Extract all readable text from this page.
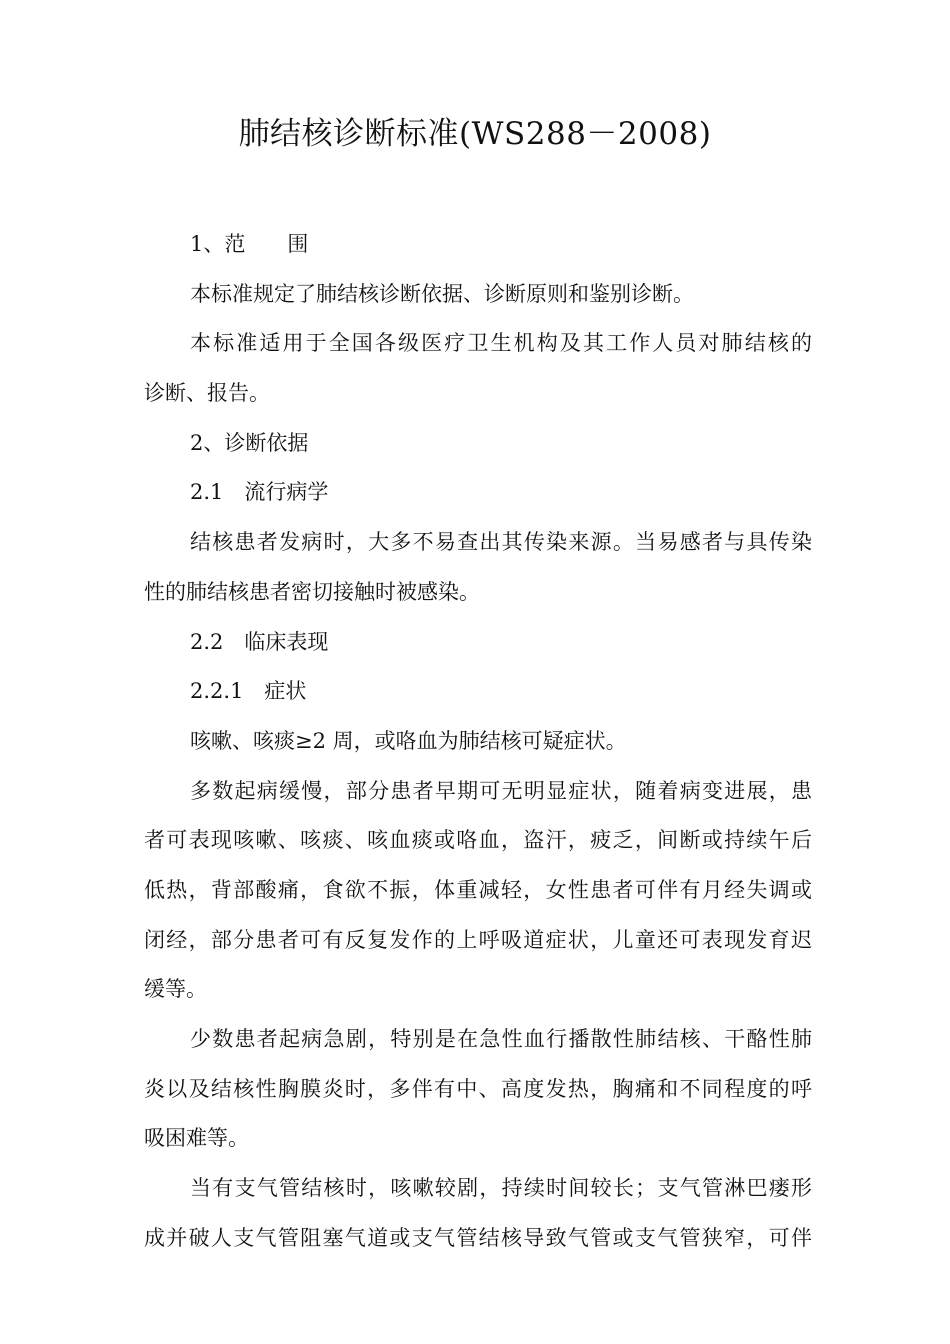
肺结核诊断标准(WS288－2008)

1、范　　围

本标准规定了肺结核诊断依据、诊断原则和鉴别诊断。

本标准适用于全国各级医疗卫生机构及其工作人员对肺结核的

诊断、报告。

2、诊断依据

2.1　流行病学

结核患者发病时，大多不易查出其传染来源。当易感者与具传染

性的肺结核患者密切接触时被感染。

2.2　临床表现

2.2.1　症状

咳嗽、咳痰≥2 周，或咯血为肺结核可疑症状。

多数起病缓慢，部分患者早期可无明显症状，随着病变进展，患

者可表现咳嗽、咳痰、咳血痰或咯血，盗汗，疲乏，间断或持续午后

低热，背部酸痛，食欲不振，体重减轻，女性患者可伴有月经失调或

闭经，部分患者可有反复发作的上呼吸道症状，儿童还可表现发育迟

缓等。

少数患者起病急剧，特别是在急性血行播散性肺结核、干酪性肺

炎以及结核性胸膜炎时，多伴有中、高度发热，胸痛和不同程度的呼

吸困难等。

当有支气管结核时，咳嗽较剧，持续时间较长；支气管淋巴瘘形

成并破人支气管阻塞气道或支气管结核导致气管或支气管狭窄，可伴
